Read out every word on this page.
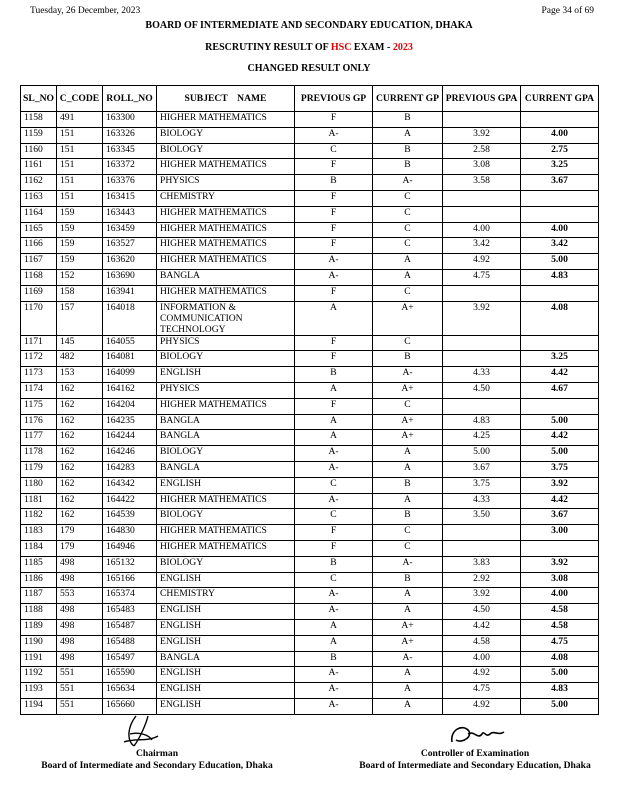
Tuesday, 26 December, 2023	Page 34 of 69
BOARD OF INTERMEDIATE AND SECONDARY EDUCATION, DHAKA
RESCRUTINY RESULT OF HSC EXAM - 2023
CHANGED RESULT ONLY
SL_NO	C_CODE	ROLL_NO	SUBJECT    NAME	PREVIOUS GP	CURRENT GP	PREVIOUS GPA	CURRENT GPA
1158	491	163300	HIGHER MATHEMATICS	F	B		
1159	151	163326	BIOLOGY	A-	A	3.92	4.00
1160	151	163345	BIOLOGY	C	B	2.58	2.75
1161	151	163372	HIGHER MATHEMATICS	F	B	3.08	3.25
1162	151	163376	PHYSICS	B	A-	3.58	3.67
1163	151	163415	CHEMISTRY	F	C		
1164	159	163443	HIGHER MATHEMATICS	F	C		
1165	159	163459	HIGHER MATHEMATICS	F	C	4.00	4.00
1166	159	163527	HIGHER MATHEMATICS	F	C	3.42	3.42
1167	159	163620	HIGHER MATHEMATICS	A-	A	4.92	5.00
1168	152	163690	BANGLA	A-	A	4.75	4.83
1169	158	163941	HIGHER MATHEMATICS	F	C		
1170	157	164018	INFORMATION & COMMUNICATION TECHNOLOGY	A	A+	3.92	4.08
1171	145	164055	PHYSICS	F	C		
1172	482	164081	BIOLOGY	F	B		3.25
1173	153	164099	ENGLISH	B	A-	4.33	4.42
1174	162	164162	PHYSICS	A	A+	4.50	4.67
1175	162	164204	HIGHER MATHEMATICS	F	C		
1176	162	164235	BANGLA	A	A+	4.83	5.00
1177	162	164244	BANGLA	A	A+	4.25	4.42
1178	162	164246	BIOLOGY	A-	A	5.00	5.00
1179	162	164283	BANGLA	A-	A	3.67	3.75
1180	162	164342	ENGLISH	C	B	3.75	3.92
1181	162	164422	HIGHER MATHEMATICS	A-	A	4.33	4.42
1182	162	164539	BIOLOGY	C	B	3.50	3.67
1183	179	164830	HIGHER MATHEMATICS	F	C		3.00
1184	179	164946	HIGHER MATHEMATICS	F	C		
1185	498	165132	BIOLOGY	B	A-	3.83	3.92
1186	498	165166	ENGLISH	C	B	2.92	3.08
1187	553	165374	CHEMISTRY	A-	A	3.92	4.00
1188	498	165483	ENGLISH	A-	A	4.50	4.58
1189	498	165487	ENGLISH	A	A+	4.42	4.58
1190	498	165488	ENGLISH	A	A+	4.58	4.75
1191	498	165497	BANGLA	B	A-	4.00	4.08
1192	551	165590	ENGLISH	A-	A	4.92	5.00
1193	551	165634	ENGLISH	A-	A	4.75	4.83
1194	551	165660	ENGLISH	A-	A	4.92	5.00
Chairman
Board of Intermediate and Secondary Education, Dhaka
Controller of Examination
Board of Intermediate and Secondary Education, Dhaka
